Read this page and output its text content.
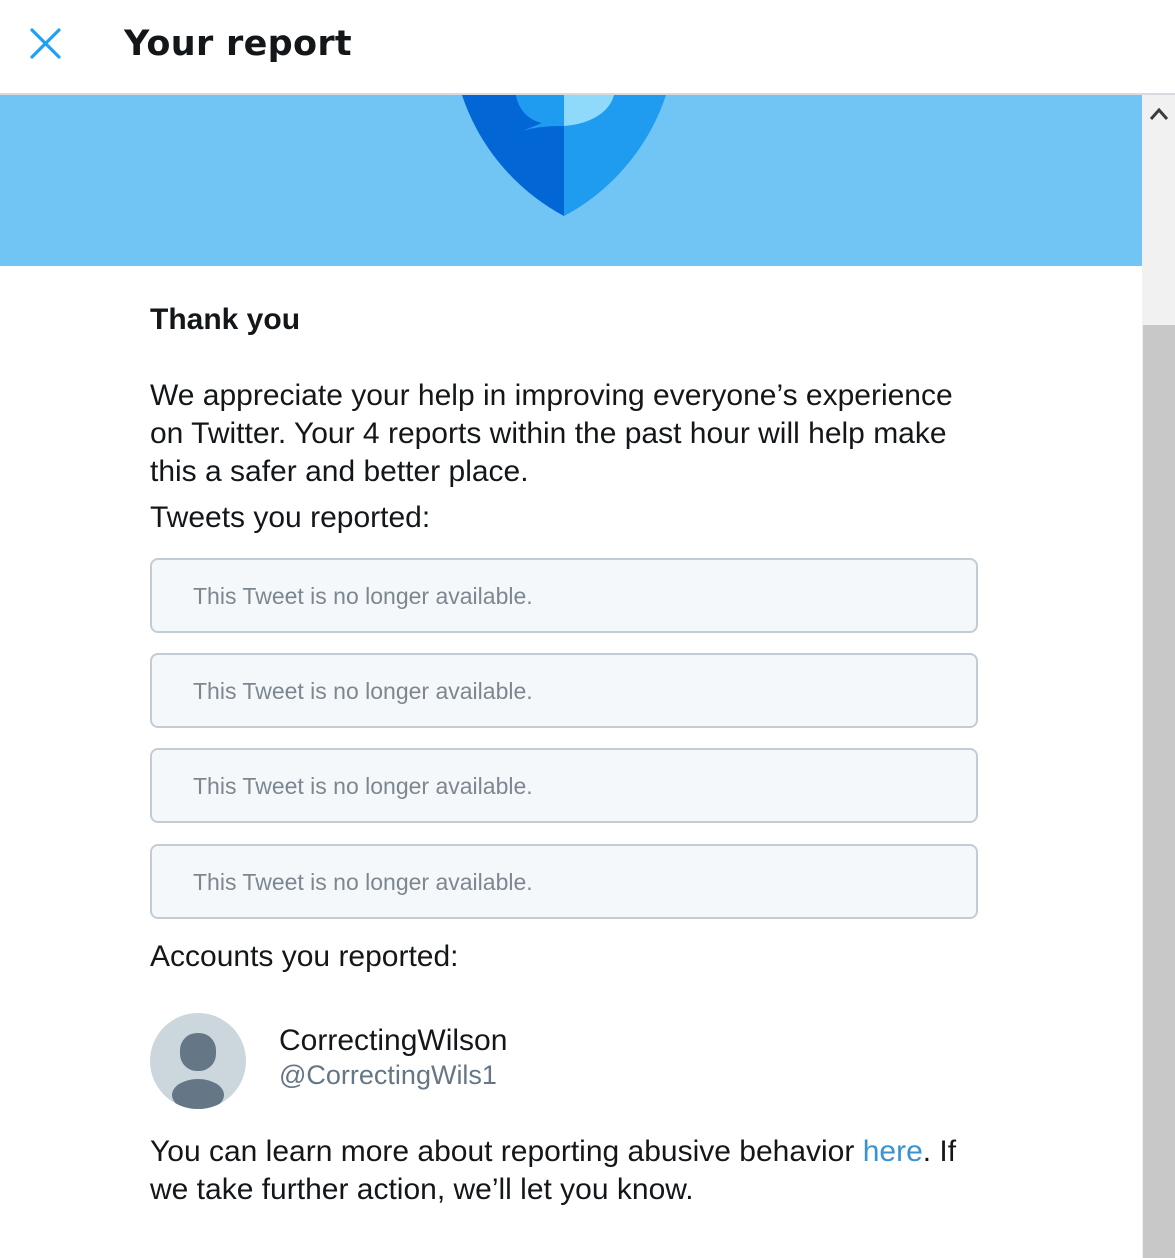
Your report
Thank you
We appreciate your help in improving everyone’s experience on Twitter. Your 4 reports within the past hour will help make this a safer and better place.
Tweets you reported:
This Tweet is no longer available.
This Tweet is no longer available.
This Tweet is no longer available.
This Tweet is no longer available.
Accounts you reported:
CorrectingWilson
@CorrectingWils1
You can learn more about reporting abusive behavior here. If we take further action, we’ll let you know.
